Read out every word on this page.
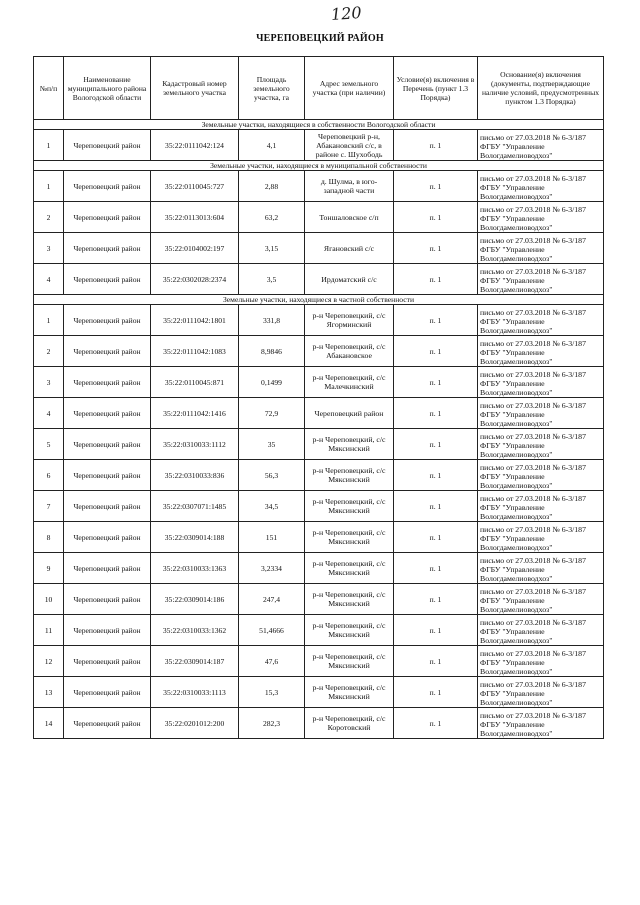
120
ЧЕРЕПОВЕЦКИЙ РАЙОН
№п/п	Наименование муниципального района Вологодской области	Кадастровый номер земельного участка	Площадь земельного участка, га	Адрес земельного участка (при наличии)	Условие(я) включения в Перечень (пункт 1.3 Порядка)	Основание(я) включения (документы, подтверждающие наличие условий, предусмотренных пунктом 1.3 Порядка)
Земельные участки, находящиеся в собственности Вологодской области						
1	Череповецкий район	35:22:0111042:124	4,1	Череповецкий р-н, Абакановский с/с, в районе с. Шухободь	п. 1	письмо от 27.03.2018 № 6-3/187 ФГБУ "Управление Вологдамелиоводхоз"
Земельные участки, находящиеся в муниципальной собственности						
1	Череповецкий район	35:22:0110045:727	2,88	д. Шулма, в юго-западной части	п. 1	письмо от 27.03.2018 № 6-3/187 ФГБУ "Управление Вологдамелиоводхоз"
2	Череповецкий район	35:22:0113013:604	63,2	Тоншаловское с/п	п. 1	письмо от 27.03.2018 № 6-3/187 ФГБУ "Управление Вологдамелиоводхоз"
3	Череповецкий район	35:22:0104002:197	3,15	Ягановский с/с	п. 1	письмо от 27.03.2018 № 6-3/187 ФГБУ "Управление Вологдамелиоводхоз"
4	Череповецкий район	35:22:0302028:2374	3,5	Ирдоматский с/с	п. 1	письмо от 27.03.2018 № 6-3/187 ФГБУ "Управление Вологдамелиоводхоз"
Земельные участки, находящиеся в частной собственности						
1	Череповецкий район	35:22:0111042:1801	331,8	р-н Череповецкий, с/с Ягорминский	п. 1	письмо от 27.03.2018 № 6-3/187 ФГБУ "Управление Вологдамелиоводхоз"
2	Череповецкий район	35:22:0111042:1083	8,9846	р-н Череповецкий, с/с Абакановское	п. 1	письмо от 27.03.2018 № 6-3/187 ФГБУ "Управление Вологдамелиоводхоз"
3	Череповецкий район	35:22:0110045:871	0,1499	р-н Череповецкий, с/с Малечкинский	п. 1	письмо от 27.03.2018 № 6-3/187 ФГБУ "Управление Вологдамелиоводхоз"
4	Череповецкий район	35:22:0111042:1416	72,9	Череповецкий район	п. 1	письмо от 27.03.2018 № 6-3/187 ФГБУ "Управление Вологдамелиоводхоз"
5	Череповецкий район	35:22:0310033:1112	35	р-н Череповецкий, с/с Мяксинский	п. 1	письмо от 27.03.2018 № 6-3/187 ФГБУ "Управление Вологдамелиоводхоз"
6	Череповецкий район	35:22:0310033:836	56,3	р-н Череповецкий, с/с Мяксинский	п. 1	письмо от 27.03.2018 № 6-3/187 ФГБУ "Управление Вологдамелиоводхоз"
7	Череповецкий район	35:22:0307071:1485	34,5	р-н Череповецкий, с/с Мяксинский	п. 1	письмо от 27.03.2018 № 6-3/187 ФГБУ "Управление Вологдамелиоводхоз"
8	Череповецкий район	35:22:0309014:188	151	р-н Череповецкий, с/с Мяксинский	п. 1	письмо от 27.03.2018 № 6-3/187 ФГБУ "Управление Вологдамелиоводхоз"
9	Череповецкий район	35:22:0310033:1363	3,2334	р-н Череповецкий, с/с Мяксинский	п. 1	письмо от 27.03.2018 № 6-3/187 ФГБУ "Управление Вологдамелиоводхоз"
10	Череповецкий район	35:22:0309014:186	247,4	р-н Череповецкий, с/с Мяксинский	п. 1	письмо от 27.03.2018 № 6-3/187 ФГБУ "Управление Вологдамелиоводхоз"
11	Череповецкий район	35:22:0310033:1362	51,4666	р-н Череповецкий, с/с Мяксинский	п. 1	письмо от 27.03.2018 № 6-3/187 ФГБУ "Управление Вологдамелиоводхоз"
12	Череповецкий район	35:22:0309014:187	47,6	р-н Череповецкий, с/с Мяксинский	п. 1	письмо от 27.03.2018 № 6-3/187 ФГБУ "Управление Вологдамелиоводхоз"
13	Череповецкий район	35:22:0310033:1113	15,3	р-н Череповецкий, с/с Мяксинский	п. 1	письмо от 27.03.2018 № 6-3/187 ФГБУ "Управление Вологдамелиоводхоз"
14	Череповецкий район	35:22:0201012:200	282,3	р-н Череповецкий, с/с Коротовский	п. 1	письмо от 27.03.2018 № 6-3/187 ФГБУ "Управление Вологдамелиоводхоз"
